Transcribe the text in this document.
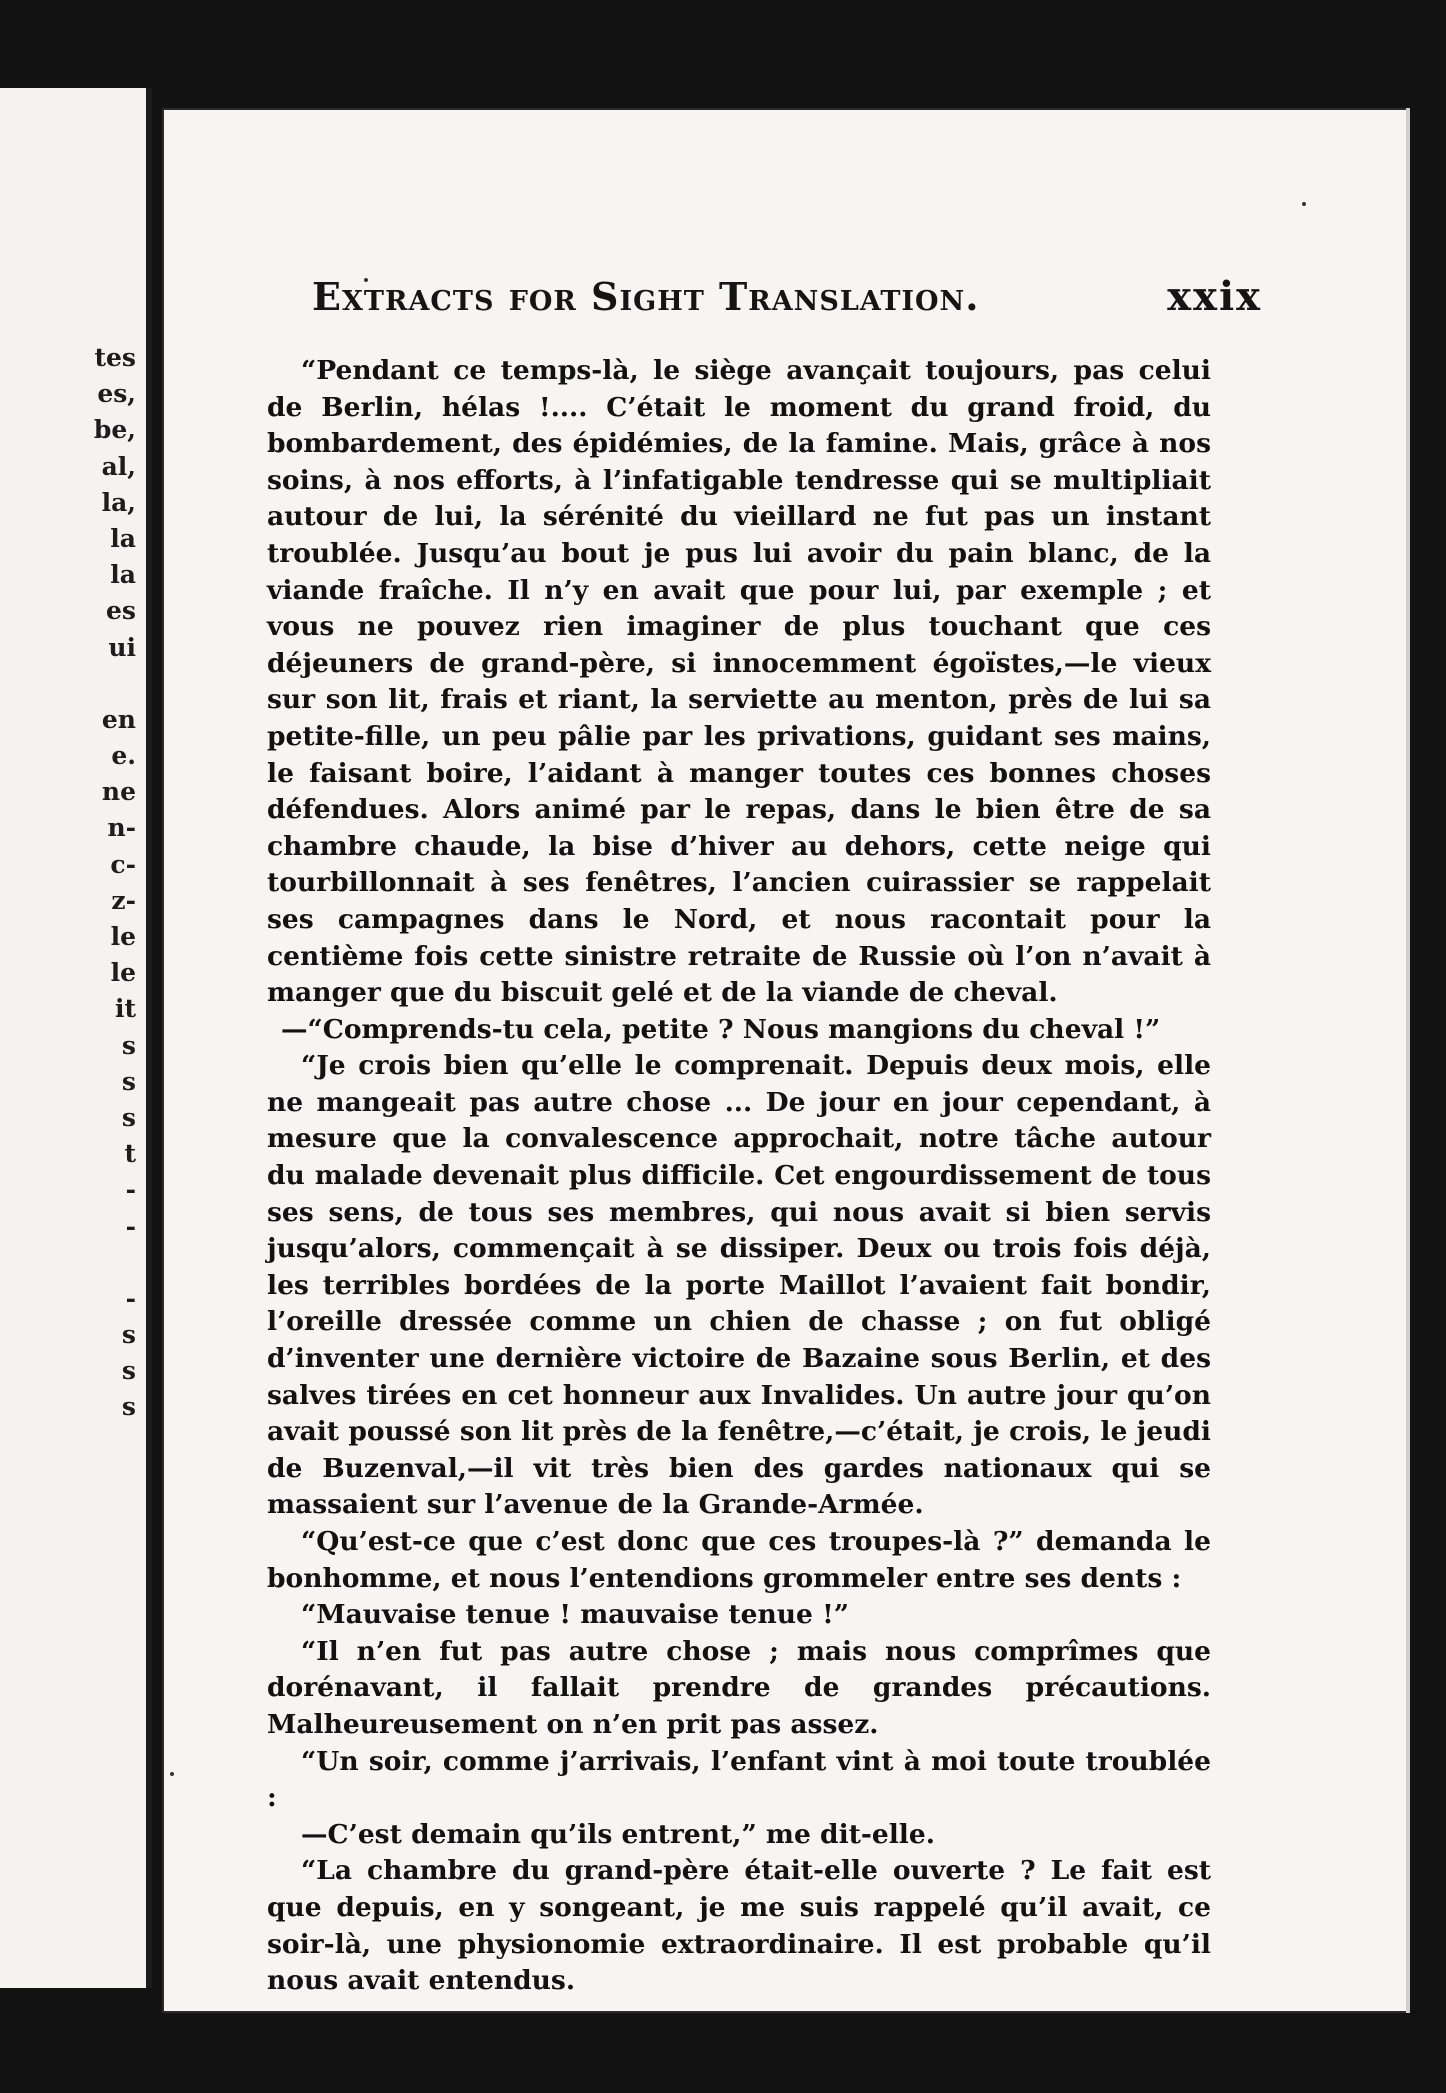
tes
es,
be,
al,
la,
la
la
es
ui
en
e.
ne
n-
c-
z-
le
le
it
s
s
s
t
-
-
-
s
s
s
Extracts for Sight Translation.	xxix

“Pendant ce temps-là, le siège avançait toujours, pas celui de Berlin, hélas !.... C’était le moment du grand froid, du bombardement, des épidémies, de la famine. Mais, grâce à nos soins, à nos efforts, à l’infatigable tendresse qui se multipliait autour de lui, la sérénité du vieillard ne fut pas un instant troublée. Jusqu’au bout je pus lui avoir du pain blanc, de la viande fraîche. Il n’y en avait que pour lui, par exemple ; et vous ne pouvez rien imaginer de plus touchant que ces déjeuners de grand-père, si innocemment égoïstes,—le vieux sur son lit, frais et riant, la serviette au menton, près de lui sa petite-fille, un peu pâlie par les privations, guidant ses mains, le faisant boire, l’aidant à manger toutes ces bonnes choses défendues. Alors animé par le repas, dans le bien être de sa chambre chaude, la bise d’hiver au dehors, cette neige qui tourbillonnait à ses fenêtres, l’ancien cuirassier se rappelait ses campagnes dans le Nord, et nous racontait pour la centième fois cette sinistre retraite de Russie où l’on n’avait à manger que du biscuit gelé et de la viande de cheval.

—“Comprends-tu cela, petite ? Nous mangions du cheval !”

“Je crois bien qu’elle le comprenait. Depuis deux mois, elle ne mangeait pas autre chose ... De jour en jour cependant, à mesure que la convalescence approchait, notre tâche autour du malade devenait plus difficile. Cet engourdissement de tous ses sens, de tous ses membres, qui nous avait si bien servis jusqu’alors, commençait à se dissiper. Deux ou trois fois déjà, les terribles bordées de la porte Maillot l’avaient fait bondir, l’oreille dressée comme un chien de chasse ; on fut obligé d’inventer une dernière victoire de Bazaine sous Berlin, et des salves tirées en cet honneur aux Invalides. Un autre jour qu’on avait poussé son lit près de la fenêtre,—c’était, je crois, le jeudi de Buzenval,—il vit très bien des gardes nationaux qui se massaient sur l’avenue de la Grande-Armée.

“Qu’est-ce que c’est donc que ces troupes-là ?” demanda le bonhomme, et nous l’entendions grommeler entre ses dents :

“Mauvaise tenue ! mauvaise tenue !”

“Il n’en fut pas autre chose ; mais nous comprîmes que dorénavant, il fallait prendre de grandes précautions. Malheureusement on n’en prit pas assez.

“Un soir, comme j’arrivais, l’enfant vint à moi toute troublée :

—C’est demain qu’ils entrent,” me dit-elle.

“La chambre du grand-père était-elle ouverte ? Le fait est que depuis, en y songeant, je me suis rappelé qu’il avait, ce soir-là, une physionomie extraordinaire. Il est probable qu’il nous avait entendus.
